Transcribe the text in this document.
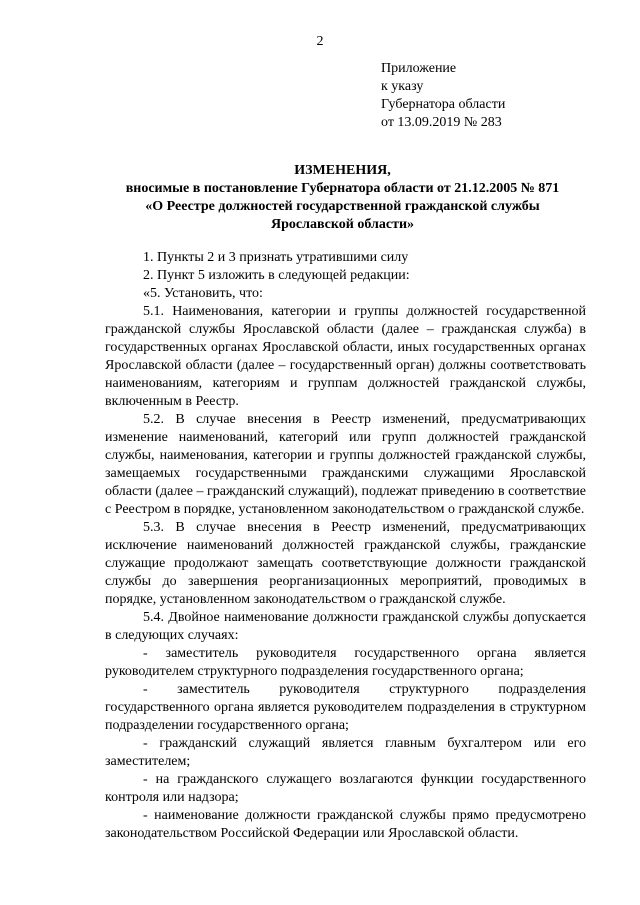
2
Приложение
к указу
Губернатора области
от 13.09.2019 № 283
ИЗМЕНЕНИЯ,
вносимые в постановление Губернатора области от 21.12.2005 № 871
«О Реестре должностей государственной гражданской службы
Ярославской области»

1. Пункты 2 и 3 признать утратившими силу

2. Пункт 5 изложить в следующей редакции:

«5. Установить, что:

5.1. Наименования, категории и группы должностей государственной гражданской службы Ярославской области (далее – гражданская служба) в государственных органах Ярославской области, иных государственных органах Ярославской области (далее – государственный орган) должны соответствовать наименованиям, категориям и группам должностей гражданской службы, включенным в Реестр.

5.2. В случае внесения в Реестр изменений, предусматривающих изменение наименований, категорий или групп должностей гражданской службы, наименования, категории и группы должностей гражданской службы, замещаемых государственными гражданскими служащими Ярославской области (далее – гражданский служащий), подлежат приведению в соответствие с Реестром в порядке, установленном законодательством о гражданской службе.

5.3. В случае внесения в Реестр изменений, предусматривающих исключение наименований должностей гражданской службы, гражданские служащие продолжают замещать соответствующие должности гражданской службы до завершения реорганизационных мероприятий, проводимых в порядке, установленном законодательством о гражданской службе.

5.4. Двойное наименование должности гражданской службы допускается в следующих случаях:

- заместитель руководителя государственного органа является руководителем структурного подразделения государственного органа;

- заместитель руководителя структурного подразделения государственного органа является руководителем подразделения в структурном подразделении государственного органа;

- гражданский служащий является главным бухгалтером или его заместителем;

- на гражданского служащего возлагаются функции государственного контроля или надзора;

- наименование должности гражданской службы прямо предусмотрено законодательством Российской Федерации или Ярославской области.
